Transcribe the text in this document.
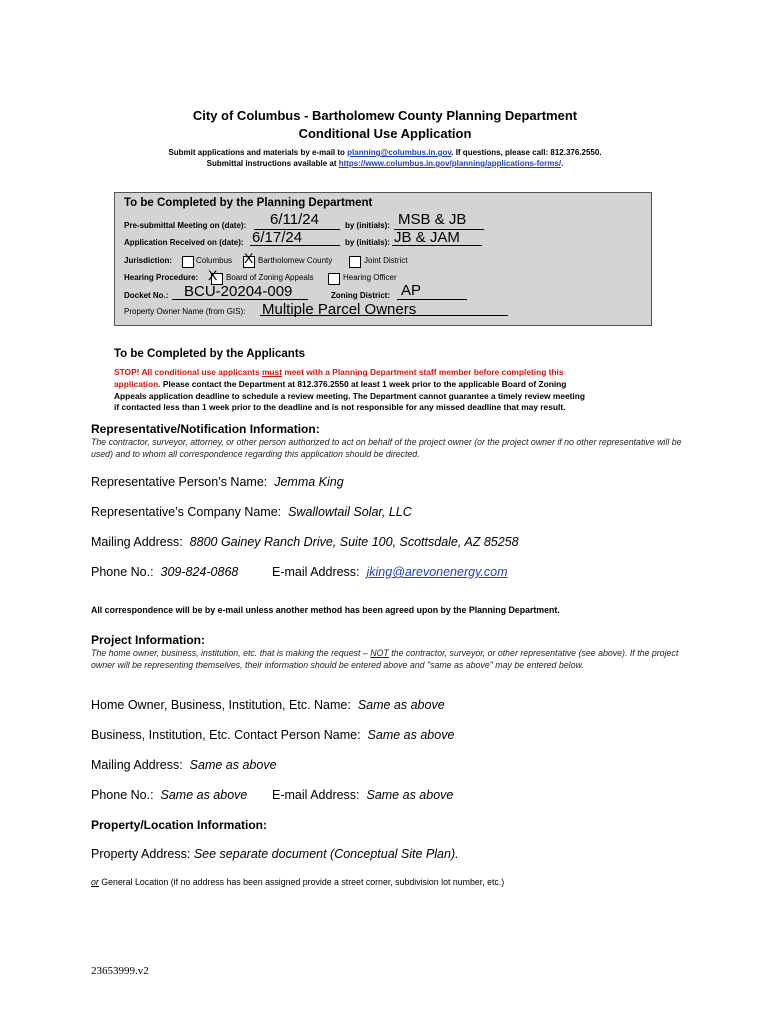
City of Columbus - Bartholomew County Planning Department
Conditional Use Application
Submit applications and materials by e-mail to planning@columbus.in.gov. If questions, please call: 812.376.2550.
Submittal instructions available at https://www.columbus.in.gov/planning/applications-forms/.
To be Completed by the Planning Department
Pre-submittal Meeting on (date): 6/11/24	by (initials): MSB & JB
Application Received on (date): 6/17/24	by (initials): JB & JAM
Jurisdiction:	Columbus X Bartholomew County	Joint District
Hearing Procedure: X Board of Zoning Appeals	Hearing Officer
Docket No.: BCU-20204-009	Zoning District: AP
Property Owner Name (from GIS): Multiple Parcel Owners
To be Completed by the Applicants
STOP! All conditional use applicants must meet with a Planning Department staff member before completing this
application. Please contact the Department at 812.376.2550 at least 1 week prior to the applicable Board of Zoning
Appeals application deadline to schedule a review meeting. The Department cannot guarantee a timely review meeting
if contacted less than 1 week prior to the deadline and is not responsible for any missed deadline that may result.
Representative/Notification Information:
The contractor, surveyor, attorney, or other person authorized to act on behalf of the project owner (or the project owner if no other representative will be used) and to whom all correspondence regarding this application should be directed.
Representative Person’s Name: Jemma King
Representative’s Company Name: Swallowtail Solar, LLC
Mailing Address: 8800 Gainey Ranch Drive, Suite 100, Scottsdale, AZ 85258
Phone No.: 309-824-0868	E-mail Address: jking@arevonenergy.com
All correspondence will be by e-mail unless another method has been agreed upon by the Planning Department.
Project Information:
The home owner, business, institution, etc. that is making the request – NOT the contractor, surveyor, or other representative (see above). If the project owner will be representing themselves, their information should be entered above and "same as above" may be entered below.
Home Owner, Business, Institution, Etc. Name: Same as above
Business, Institution, Etc. Contact Person Name: Same as above
Mailing Address: Same as above
Phone No.: Same as above E-mail Address: Same as above
Property/Location Information:
Property Address: See separate document (Conceptual Site Plan).
or General Location (if no address has been assigned provide a street corner, subdivision lot number, etc.)
23653999.v2
